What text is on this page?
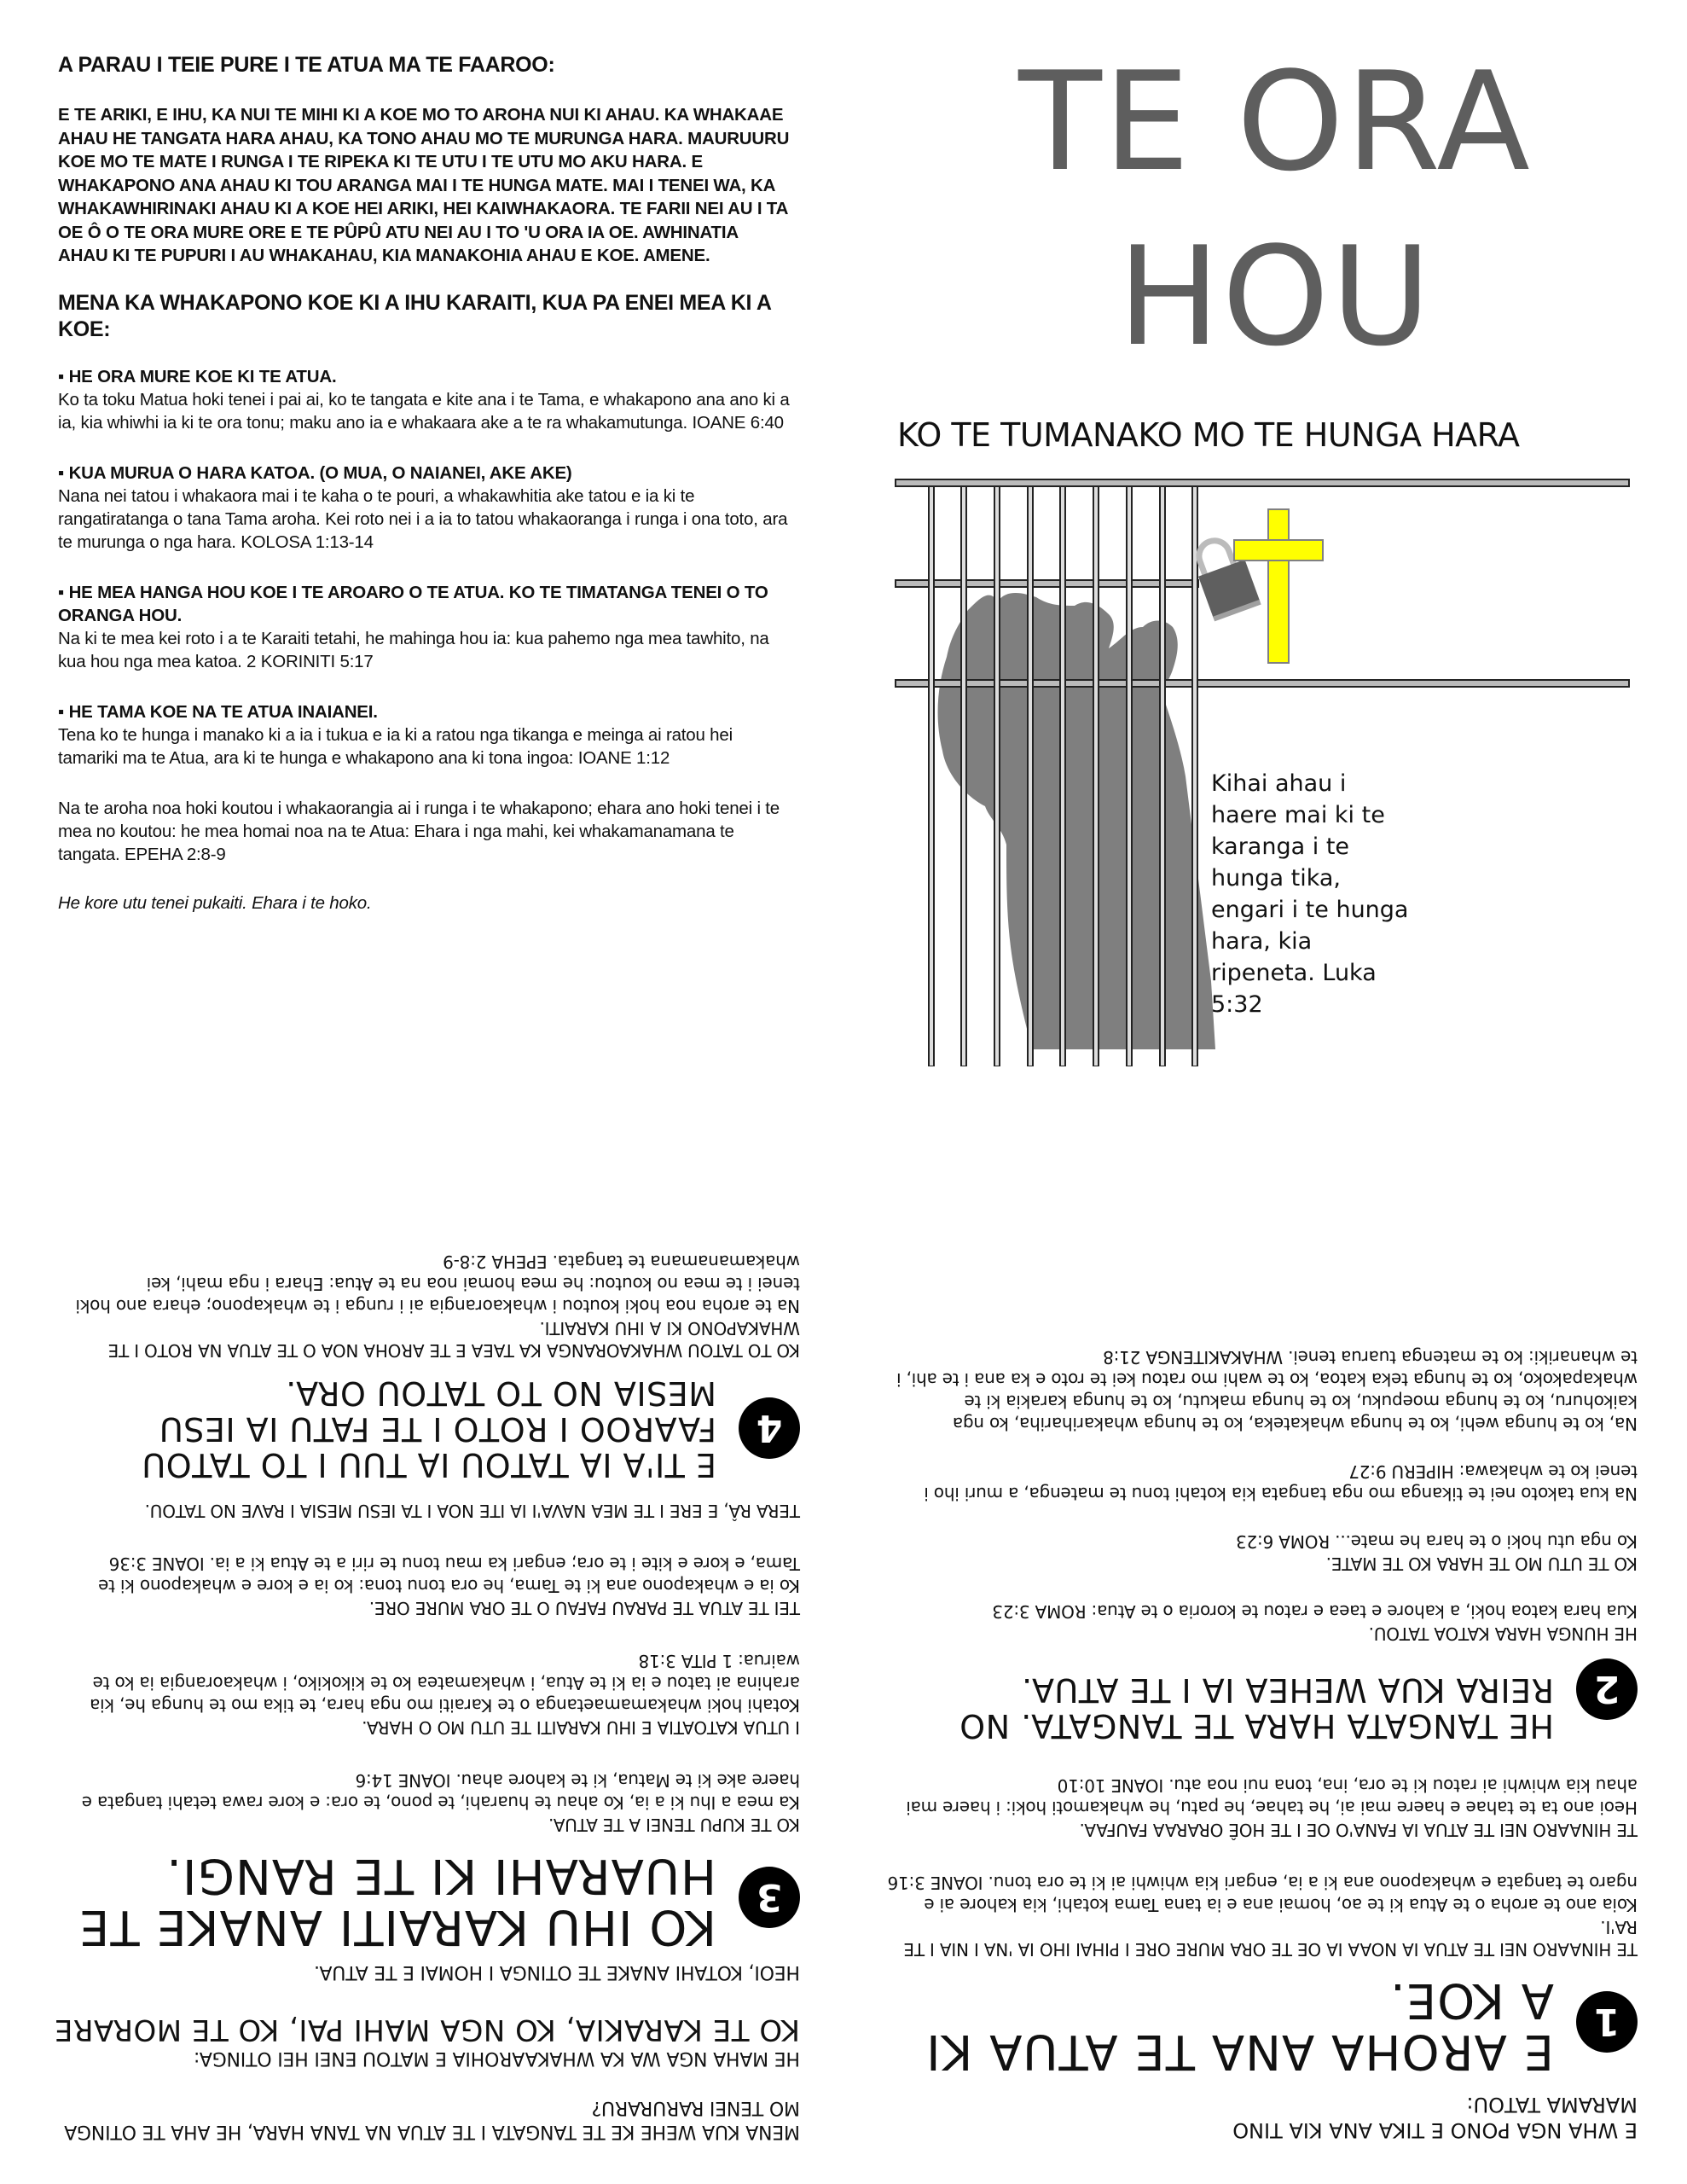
A PARAU I TEIE PURE I TE ATUA MA TE FAAROO:

E TE ARIKI, E IHU, KA NUI TE MIHI KI A KOE MO TO AROHA NUI KI AHAU. KA WHAKAAE AHAU HE TANGATA HARA AHAU, KA TONO AHAU MO TE MURUNGA HARA. MAURUURU KOE MO TE MATE I RUNGA I TE RIPEKA KI TE UTU I TE UTU MO AKU HARA. E WHAKAPONO ANA AHAU KI TOU ARANGA MAI I TE HUNGA MATE. MAI I TENEI WA, KA WHAKAWHIRINAKI AHAU KI A KOE HEI ARIKI, HEI KAIWHAKAORA. TE FARII NEI AU I TA OE Ô O TE ORA MURE ORE E TE PÛPÛ ATU NEI AU I TO 'U ORA IA OE. AWHINATIA AHAU KI TE PUPURI I AU WHAKAHAU, KIA MANAKOHIA AHAU E KOE. AMENE.

MENA KA WHAKAPONO KOE KI A IHU KARAITI, KUA PA ENEI MEA KI A KOE:
▪ HE ORA MURE KOE KI TE ATUA.
Ko ta toku Matua hoki tenei i pai ai, ko te tangata e kite ana i te Tama, e whakapono ana ano ki a ia, kia whiwhi ia ki te ora tonu; maku ano ia e whakaara ake a te ra whakamutunga. IOANE 6:40
▪ KUA MURUA O HARA KATOA. (O MUA, O NAIANEI, AKE AKE)
Nana nei tatou i whakaora mai i te kaha o te pouri, a whakawhitia ake tatou e ia ki te rangatiratanga o tana Tama aroha. Kei roto nei i a ia to tatou whakaoranga i runga i ona toto, ara te murunga o nga hara. KOLOSA 1:13-14
▪ HE MEA HANGA HOU KOE I TE AROARO O TE ATUA. KO TE TIMATANGA TENEI O TO ORANGA HOU.
Na ki te mea kei roto i a te Karaiti tetahi, he mahinga hou ia: kua pahemo nga mea tawhito, na kua hou nga mea katoa. 2 KORINITI 5:17
▪ HE TAMA KOE NA TE ATUA INAIANEI.
Tena ko te hunga i manako ki a ia i tukua e ia ki a ratou nga tikanga e meinga ai ratou hei tamariki ma te Atua, ara ki te hunga e whakapono ana ki tona ingoa: IOANE 1:12

Na te aroha noa hoki koutou i whakaorangia ai i runga i te whakapono; ehara ano hoki tenei i te mea no koutou: he mea homai noa na te Atua: Ehara i nga mahi, kei whakamanamana te tangata. EPEHA 2:8-9

He kore utu tenei pukaiti. Ehara i te hoko.

TE ORA
HOU
KO TE TUMANAKO MO TE HUNGA HARA
Kihai ahau i haere mai ki te karanga i te hunga tika, engari i te hunga hara, kia ripeneta. Luka 5:32

E WHA NGA PONO E TIKA ANA KIA TINO MARAMA TATOU:

1
E AROHA ANA TE ATUA KI A KOE.
TE HINAARO NEI TE ATUA IA NOAA IA OE TE ORA MURE ORE I PIHAI IHO IA 'NA I NIA I TE RA'I.
Koia ano te aroha o te Atua ki te ao, homai ana e ia tana Tama kotahi, kia kahore ai e ngaro te tangata e whakapono ana ki a ia, engari kia whiwhi ai ki te ora tonu. IOANE 3:16
TE HINAARO NEI TE ATUA IA FANA'O OE I TE HOÊ ORARAA FAUFAA.
Heoi ano ta te tahae e haere mai ai, he tahae, he patu, he whakamoti hoki: i haere mai ahau kia whiwhi ai ratou ki te ora, ina, tona nui noa atu. IOANE 10:10
2
HE TANGATA HARA TE TANGATA. NO REIRA KUA WEHEA IA I TE ATUA.
HE HUNGA HARA KATOA TATOU.
Kua hara katoa hoki, a kahore e taea e ratou te kororia o te Atua: ROMA 3:23
KO TE UTU MO TE HARA KO TE MATE.
Ko nga utu hoki o te hara he mate... ROMA 6:23
Na kua takoto nei te tikanga mo nga tangata kia kotahi tonu te matenga, a muri iho i tenei ko te whakawa: HIPERU 9:27
Na, ko te hunga wehi, ko te hunga whakateka, ko te hunga whakarihariha, ko nga kaikohuru, ko te hunga moepuku, ko te hunga makutu, ko te hunga karakia ki te whakapakoko, ko te hunga teka katoa, ko te wahi mo ratou kei te roto e ka ana i te ahi, i te whanariki: ko te matenga tuarua tenei. WHAKAKITENGA 21:8
MENA KUA WEHE KE TE TANGATA I TE ATUA NA TANA HARA, HE AHA TE OTINGA MO TENEI RARURARU?
HE MAHA NGA WA KA WHAKAAROHIA E MATOU ENEI HEI OTINGA:
KO TE KARAKIA, KO NGA MAHI PAI, KO TE MORARE
HEOI, KOTAHI ANAKE TE OTINGA I HOMAI E TE ATUA.
3
KO IHU KARAITI ANAKE TE HUARAHI KI TE RANGI.
KO TE KUPU TENEI A TE ATUA.
Ka mea a Ihu ki a ia, Ko ahau te huarahi, te pono, te ora: e kore rawa tetahi tangata e haere ake ki te Matua, ki te kahore ahau. IOANE 14:6
I UTUA KATOATIA E IHU KARAITI TE UTU MO O HARA.
Kotahi hoki whakamamaetanga o te Karaiti mo nga hara, te tika mo te hunga he, kia arahina ai tatou e ia ki te Atua, i whakamatea ko te kikokiko, i whakaorangia ia ko te wairua: 1 PITA 3:18
TEI TE ATUA TE PARAU FAFAU O TE ORA MURE ORE.
Ko ia e whakapono ana ki te Tama, he ora tonu tona: ko ia e kore e whakapono ki te Tama, e kore e kite i te ora; engari ka mau tonu te riri a te Atua ki a ia. IOANE 3:36
TERA RÂ, E ERE I TE MEA NAVA'I IA ITE NOA I TA IESU MESIA I RAVE NO TATOU.
4
E TI'A IA TATOU IA TUU I TO TATOU FAAROO I ROTO I TE FATU IA IESU MESIA NO TO TATOU ORA.
KO TO TATOU WHAKAORANGA KA TAEA E TE AROHA NOA O TE ATUA NA ROTO I TE WHAKAPONO KI A IHU KARAITI.
Na te aroha noa hoki koutou i whakaorangia ai i runga i te whakapono; ehara ano hoki tenei i te mea no koutou: he mea homai noa na te Atua: Ehara i nga mahi, kei whakamanamana te tangata. EPEHA 2:8-9
